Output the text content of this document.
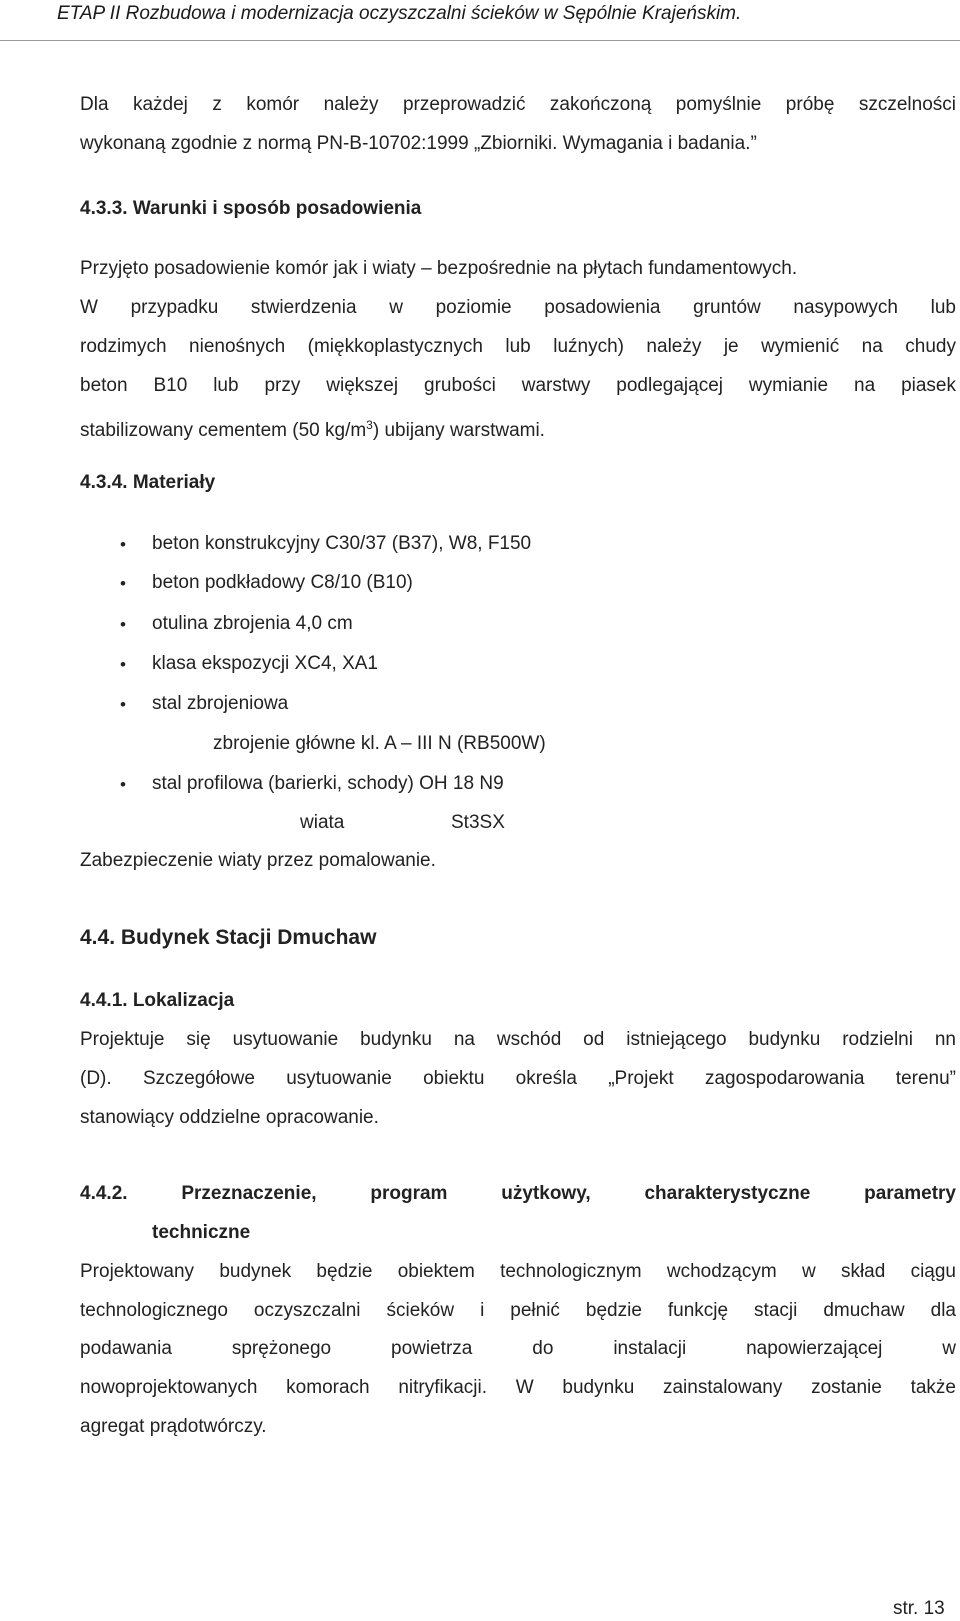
ETAP II Rozbudowa i modernizacja oczyszczalni ścieków w Sępólnie Krajeńskim.
Dla każdej z komór należy przeprowadzić zakończoną pomyślnie próbę szczelności
wykonaną zgodnie z normą PN-B-10702:1999 „Zbiorniki. Wymagania i badania.”
4.3.3. Warunki i sposób posadowienia
Przyjęto posadowienie komór jak i wiaty – bezpośrednie na płytach fundamentowych.
W przypadku stwierdzenia w poziomie posadowienia gruntów nasypowych lub
rodzimych nienośnych (miękkoplastycznych lub luźnych) należy je wymienić na chudy
beton B10 lub przy większej grubości warstwy podlegającej wymianie na piasek
stabilizowany cementem (50 $kg/m^3$) ubijany warstwami.
4.3.4. Materiały
• beton konstrukcyjny C30/37 (B37), W8, F150
• beton podkładowy C8/10 (B10)
• otulina zbrojenia 4,0 cm
• klasa ekspozycji XC4, XA1
• stal zbrojeniowa
zbrojenie główne kl. A – III N (RB500W)
• stal profilowa (barierki, schody) OH 18 N9
wiata	St3SX
Zabezpieczenie wiaty przez pomalowanie.
4.4. Budynek Stacji Dmuchaw
4.4.1. Lokalizacja
Projektuje się usytuowanie budynku na wschód od istniejącego budynku rodzielni nn
(D). Szczegółowe usytuowanie obiektu określa „Projekt zagospodarowania terenu”
stanowiący oddzielne opracowanie.
4.4.2. Przeznaczenie, program użytkowy, charakterystyczne parametry
techniczne
Projektowany budynek będzie obiektem technologicznym wchodzącym w skład ciągu
technologicznego oczyszczalni ścieków i pełnić będzie funkcję stacji dmuchaw dla
podawania sprężonego powietrza do instalacji napowierzającej w
nowoprojektowanych komorach nitryfikacji. W budynku zainstalowany zostanie także
agregat prądotwórczy.
str. 13
